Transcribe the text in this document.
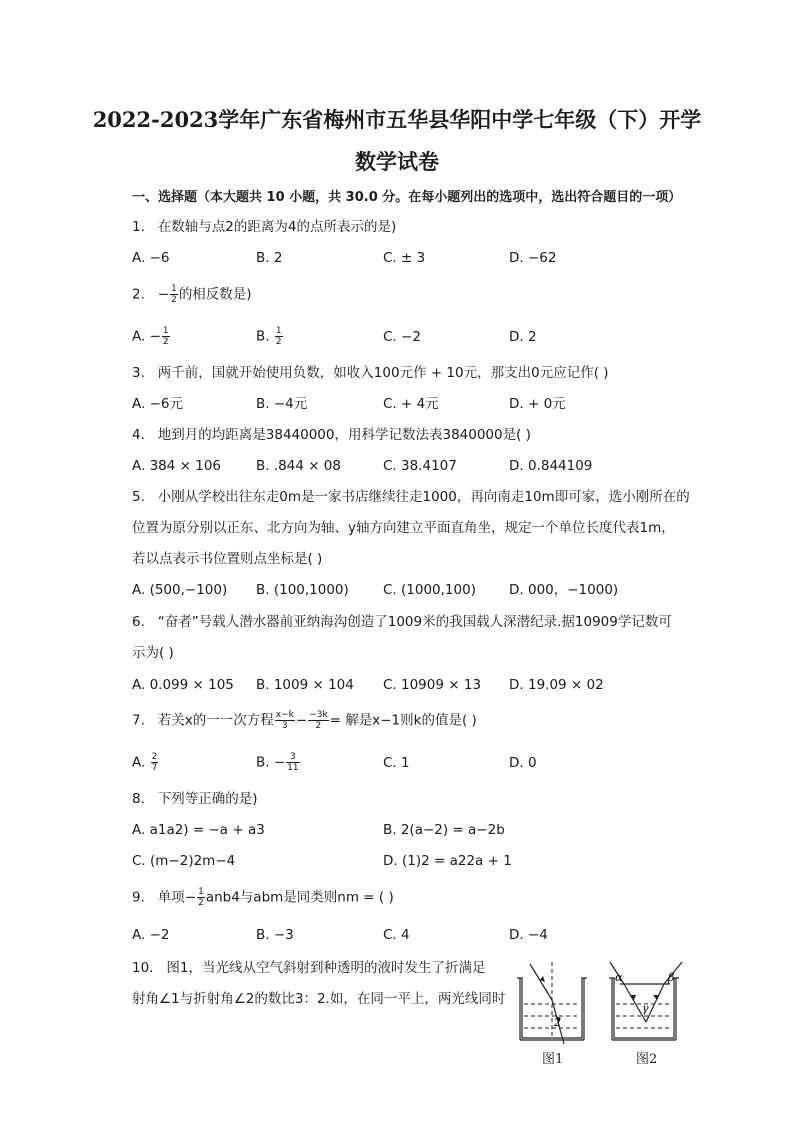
2022-2023学年广东省梅州市五华县华阳中学七年级（下）开学
数学试卷
一、选择题（本大题共 10 小题，共 30.0 分。在每小题列出的选项中，选出符合题目的一项）
1. 在数轴与点2的距离为4的点所表示的是)
A. −6	B. 2	C. ± 3	D. −62
2. − $\frac{1}{2}$ 的相反数是)
A. − $\frac{1}{2}$	B. $\frac{1}{2}$	C. −2	D. 2
3. 两千前，国就开始使用负数，如收入100元作 + 10元，那支出0元应记作( )
A. −6元	B. −4元	C. + 4元	D. + 0元
4. 地到月的均距离是38440000，用科学记数法表3840000是( )
A. 384 × 106	B. .844 × 08	C. 38.4107	D. 0.844109
5. 小刚从学校出往东走0m是一家书店继续往走1000，再向南走10m即可家，选小刚所在的
位置为原分别以正东、北方向为轴、y轴方向建立平面直角坐，规定一个单位长度代表1m，
若以点表示书位置则点坐标是( )
A. (500,−100) B. (100,1000)	C. (1000,100) D. 000，−1000)
6. “奋者”号载人潜水器前亚纳海沟创造了1009米的我国载人深潜纪录.据10909学记数可
示为( )
A. 0.099 × 105 B. 1009 × 104 C. 10909 × 13 D. 19.09 × 02
7. 若关x的一一次方程 $\frac{x-k}{3} - \frac{-3k}{2}$ = 解是x−1则k的值是( )
A. $\frac{2}{7}$	B. − $\frac{3}{11}$	C. 1	D. 0
8. 下列等正确的是)
A. a1a2) = −a + a3	B. 2(a−2) = a−2b
C. (m−2)2m−4	D. (1)2 = a22a + 1
9. 单项− $\frac{1}{2} anb4$与abm是同类则nm = ( )
A. −2	B. −3	C. 4	D. −4
10. 图1，当光线从空气斜射到种透明的液时发生了折满足
射角∠1与折射角∠2的数比3：2.如，在同一平上，两光线同时
2
α	β
γ
图1	图2
